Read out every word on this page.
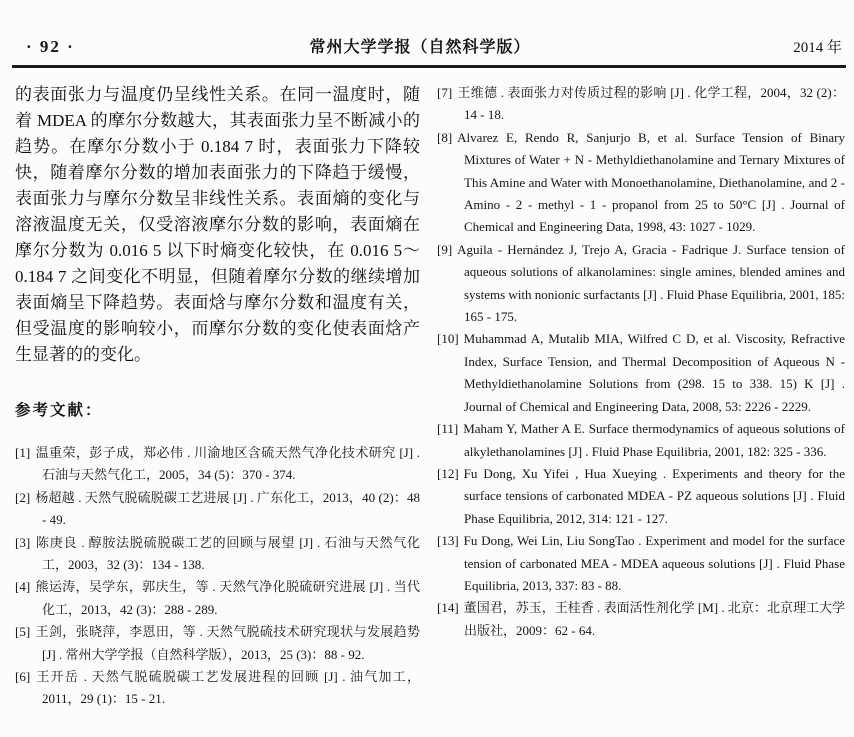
· 92 ·	常州大学学报（自然科学版）	2014 年
的表面张力与温度仍呈线性关系。在同一温度时，随着 MDEA 的摩尔分数越大，其表面张力呈不断减小的趋势。在摩尔分数小于 0.184 7 时，表面张力下降较快，随着摩尔分数的增加表面张力的下降趋于缓慢，表面张力与摩尔分数呈非线性关系。表面熵的变化与溶液温度无关，仅受溶液摩尔分数的影响，表面熵在摩尔分数为 0.016 5 以下时熵变化较快，在 0.016 5～0.184 7 之间变化不明显，但随着摩尔分数的继续增加表面熵呈下降趋势。表面焓与摩尔分数和温度有关，但受温度的影响较小，而摩尔分数的变化使表面焓产生显著的的变化。
参考文献：
[1] 温重荣，彭子成，郑必伟 . 川渝地区含硫天然气净化技术研究 [J] . 石油与天然气化工，2005，34 (5)：370 - 374.
[2] 杨超越 . 天然气脱硫脱碳工艺进展 [J] . 广东化工，2013，40 (2)：48 - 49.
[3] 陈庚良 . 醇胺法脱硫脱碳工艺的回顾与展望 [J] . 石油与天然气化工，2003，32 (3)：134 - 138.
[4] 熊运涛，吴学东，郭庆生，等 . 天然气净化脱硫研究进展 [J] . 当代化工，2013，42 (3)：288 - 289.
[5] 王剑，张晓萍，李恩田，等 . 天然气脱硫技术研究现状与发展趋势 [J] . 常州大学学报（自然科学版），2013，25 (3)：88 - 92.
[6] 王开岳 . 天然气脱硫脱碳工艺发展进程的回顾 [J] . 油气加工，2011，29 (1)：15 - 21.
[7] 王维德 . 表面张力对传质过程的影响 [J] . 化学工程，2004，32 (2)：14 - 18.
[8] Alvarez E, Rendo R, Sanjurjo B, et al. Surface Tension of Binary Mixtures of Water + N - Methyldiethanolamine and Ternary Mixtures of This Amine and Water with Monoethanolamine, Diethanolamine, and 2 - Amino - 2 - methyl - 1 - propanol from 25 to 50°C [J] . Journal of Chemical and Engineering Data, 1998, 43: 1027 - 1029.
[9] Aguila - Hernández J, Trejo A, Gracia - Fadrique J. Surface tension of aqueous solutions of alkanolamines: single amines, blended amines and systems with nonionic surfactants [J] . Fluid Phase Equilibria, 2001, 185: 165 - 175.
[10] Muhammad A, Mutalib MIA, Wilfred C D, et al. Viscosity, Refractive Index, Surface Tension, and Thermal Decomposition of Aqueous N - Methyldiethanolamine Solutions from (298. 15 to 338. 15) K [J] . Journal of Chemical and Engineering Data, 2008, 53: 2226 - 2229.
[11] Maham Y, Mather A E. Surface thermodynamics of aqueous solutions of alkylethanolamines [J] . Fluid Phase Equilibria, 2001, 182: 325 - 336.
[12] Fu Dong, Xu Yifei , Hua Xueying . Experiments and theory for the surface tensions of carbonated MDEA - PZ aqueous solutions [J] . Fluid Phase Equilibria, 2012, 314: 121 - 127.
[13] Fu Dong, Wei Lin, Liu SongTao . Experiment and model for the surface tension of carbonated MEA - MDEA aqueous solutions [J] . Fluid Phase Equilibria, 2013, 337: 83 - 88.
[14] 董国君，苏玉，王桂香 . 表面活性剂化学 [M] . 北京：北京理工大学出版社，2009：62 - 64.
